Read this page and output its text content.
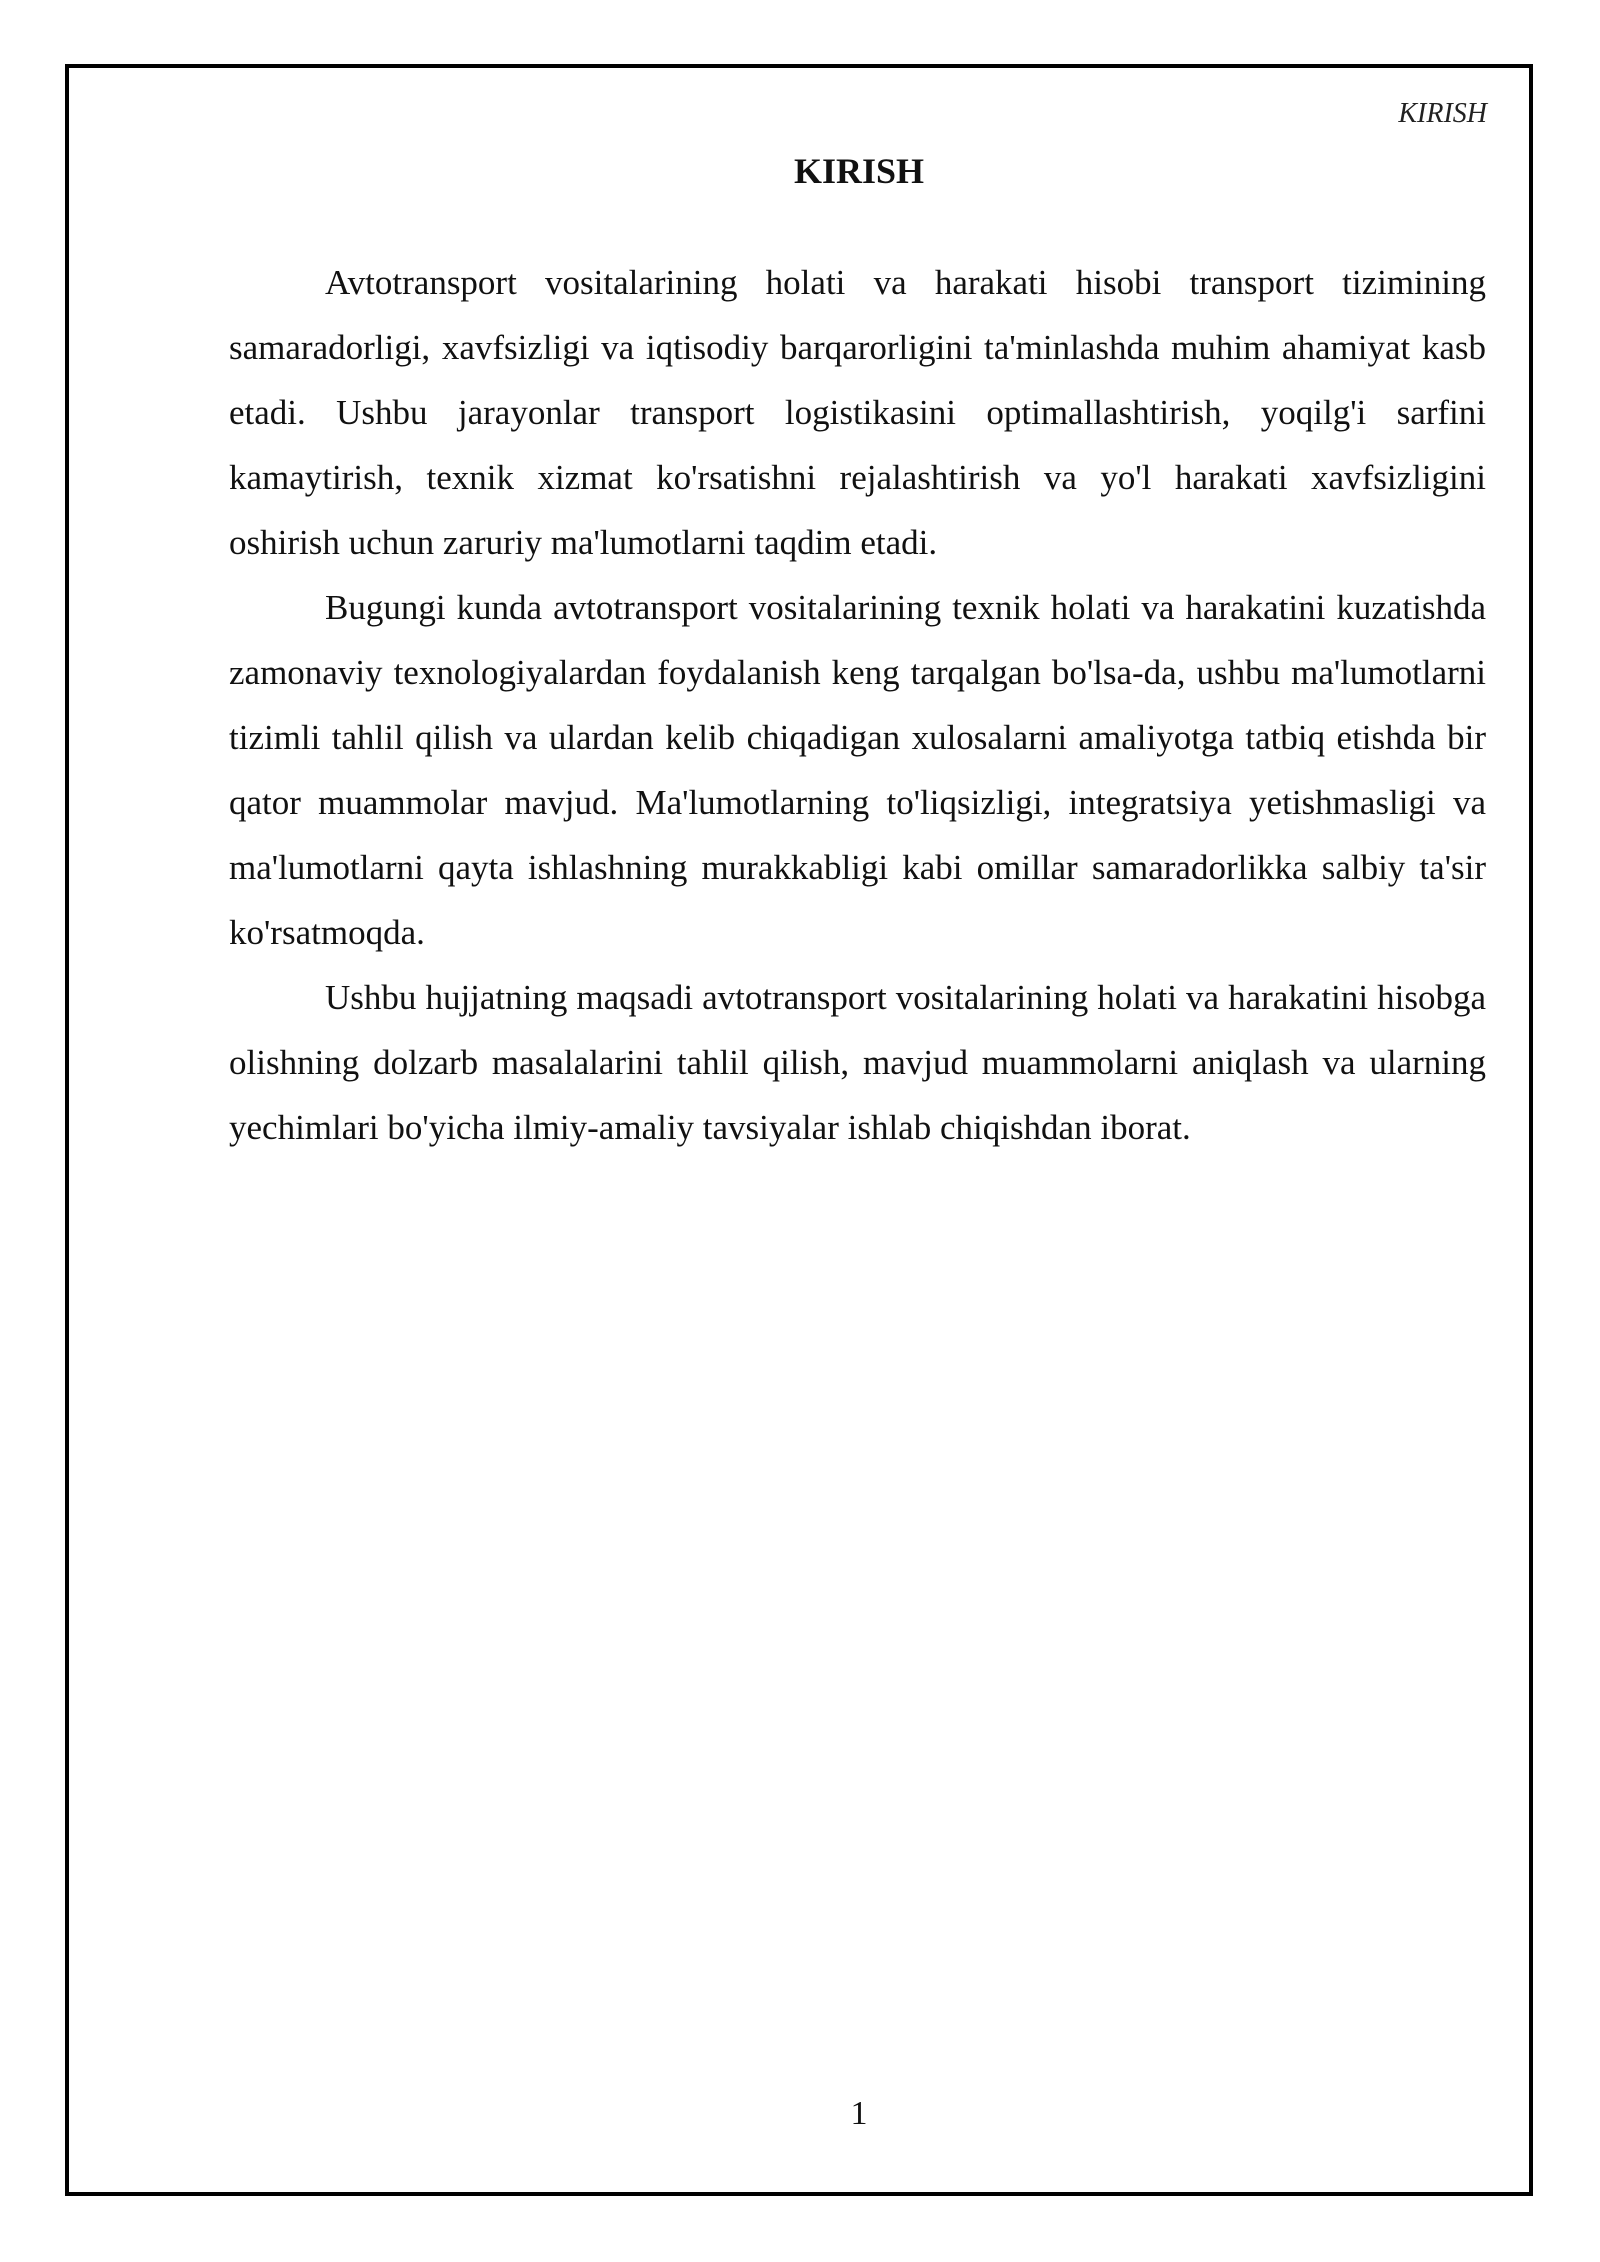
KIRISH
KIRISH

Avtotransport vositalarining holati va harakati hisobi transport tizimining samaradorligi, xavfsizligi va iqtisodiy barqarorligini ta'minlashda muhim ahamiyat kasb etadi. Ushbu jarayonlar transport logistikasini optimallashtirish, yoqilg'i sarfini kamaytirish, texnik xizmat ko'rsatishni rejalashtirish va yo'l harakati xavfsizligini oshirish uchun zaruriy ma'lumotlarni taqdim etadi.

Bugungi kunda avtotransport vositalarining texnik holati va harakatini kuzatishda zamonaviy texnologiyalardan foydalanish keng tarqalgan bo'lsa-da, ushbu ma'lumotlarni tizimli tahlil qilish va ulardan kelib chiqadigan xulosalarni amaliyotga tatbiq etishda bir qator muammolar mavjud. Ma'lumotlarning to'liqsizligi, integratsiya yetishmasligi va ma'lumotlarni qayta ishlashning murakkabligi kabi omillar samaradorlikka salbiy ta'sir ko'rsatmoqda.

Ushbu hujjatning maqsadi avtotransport vositalarining holati va harakatini hisobga olishning dolzarb masalalarini tahlil qilish, mavjud muammolarni aniqlash va ularning yechimlari bo'yicha ilmiy-amaliy tavsiyalar ishlab chiqishdan iborat.

1
